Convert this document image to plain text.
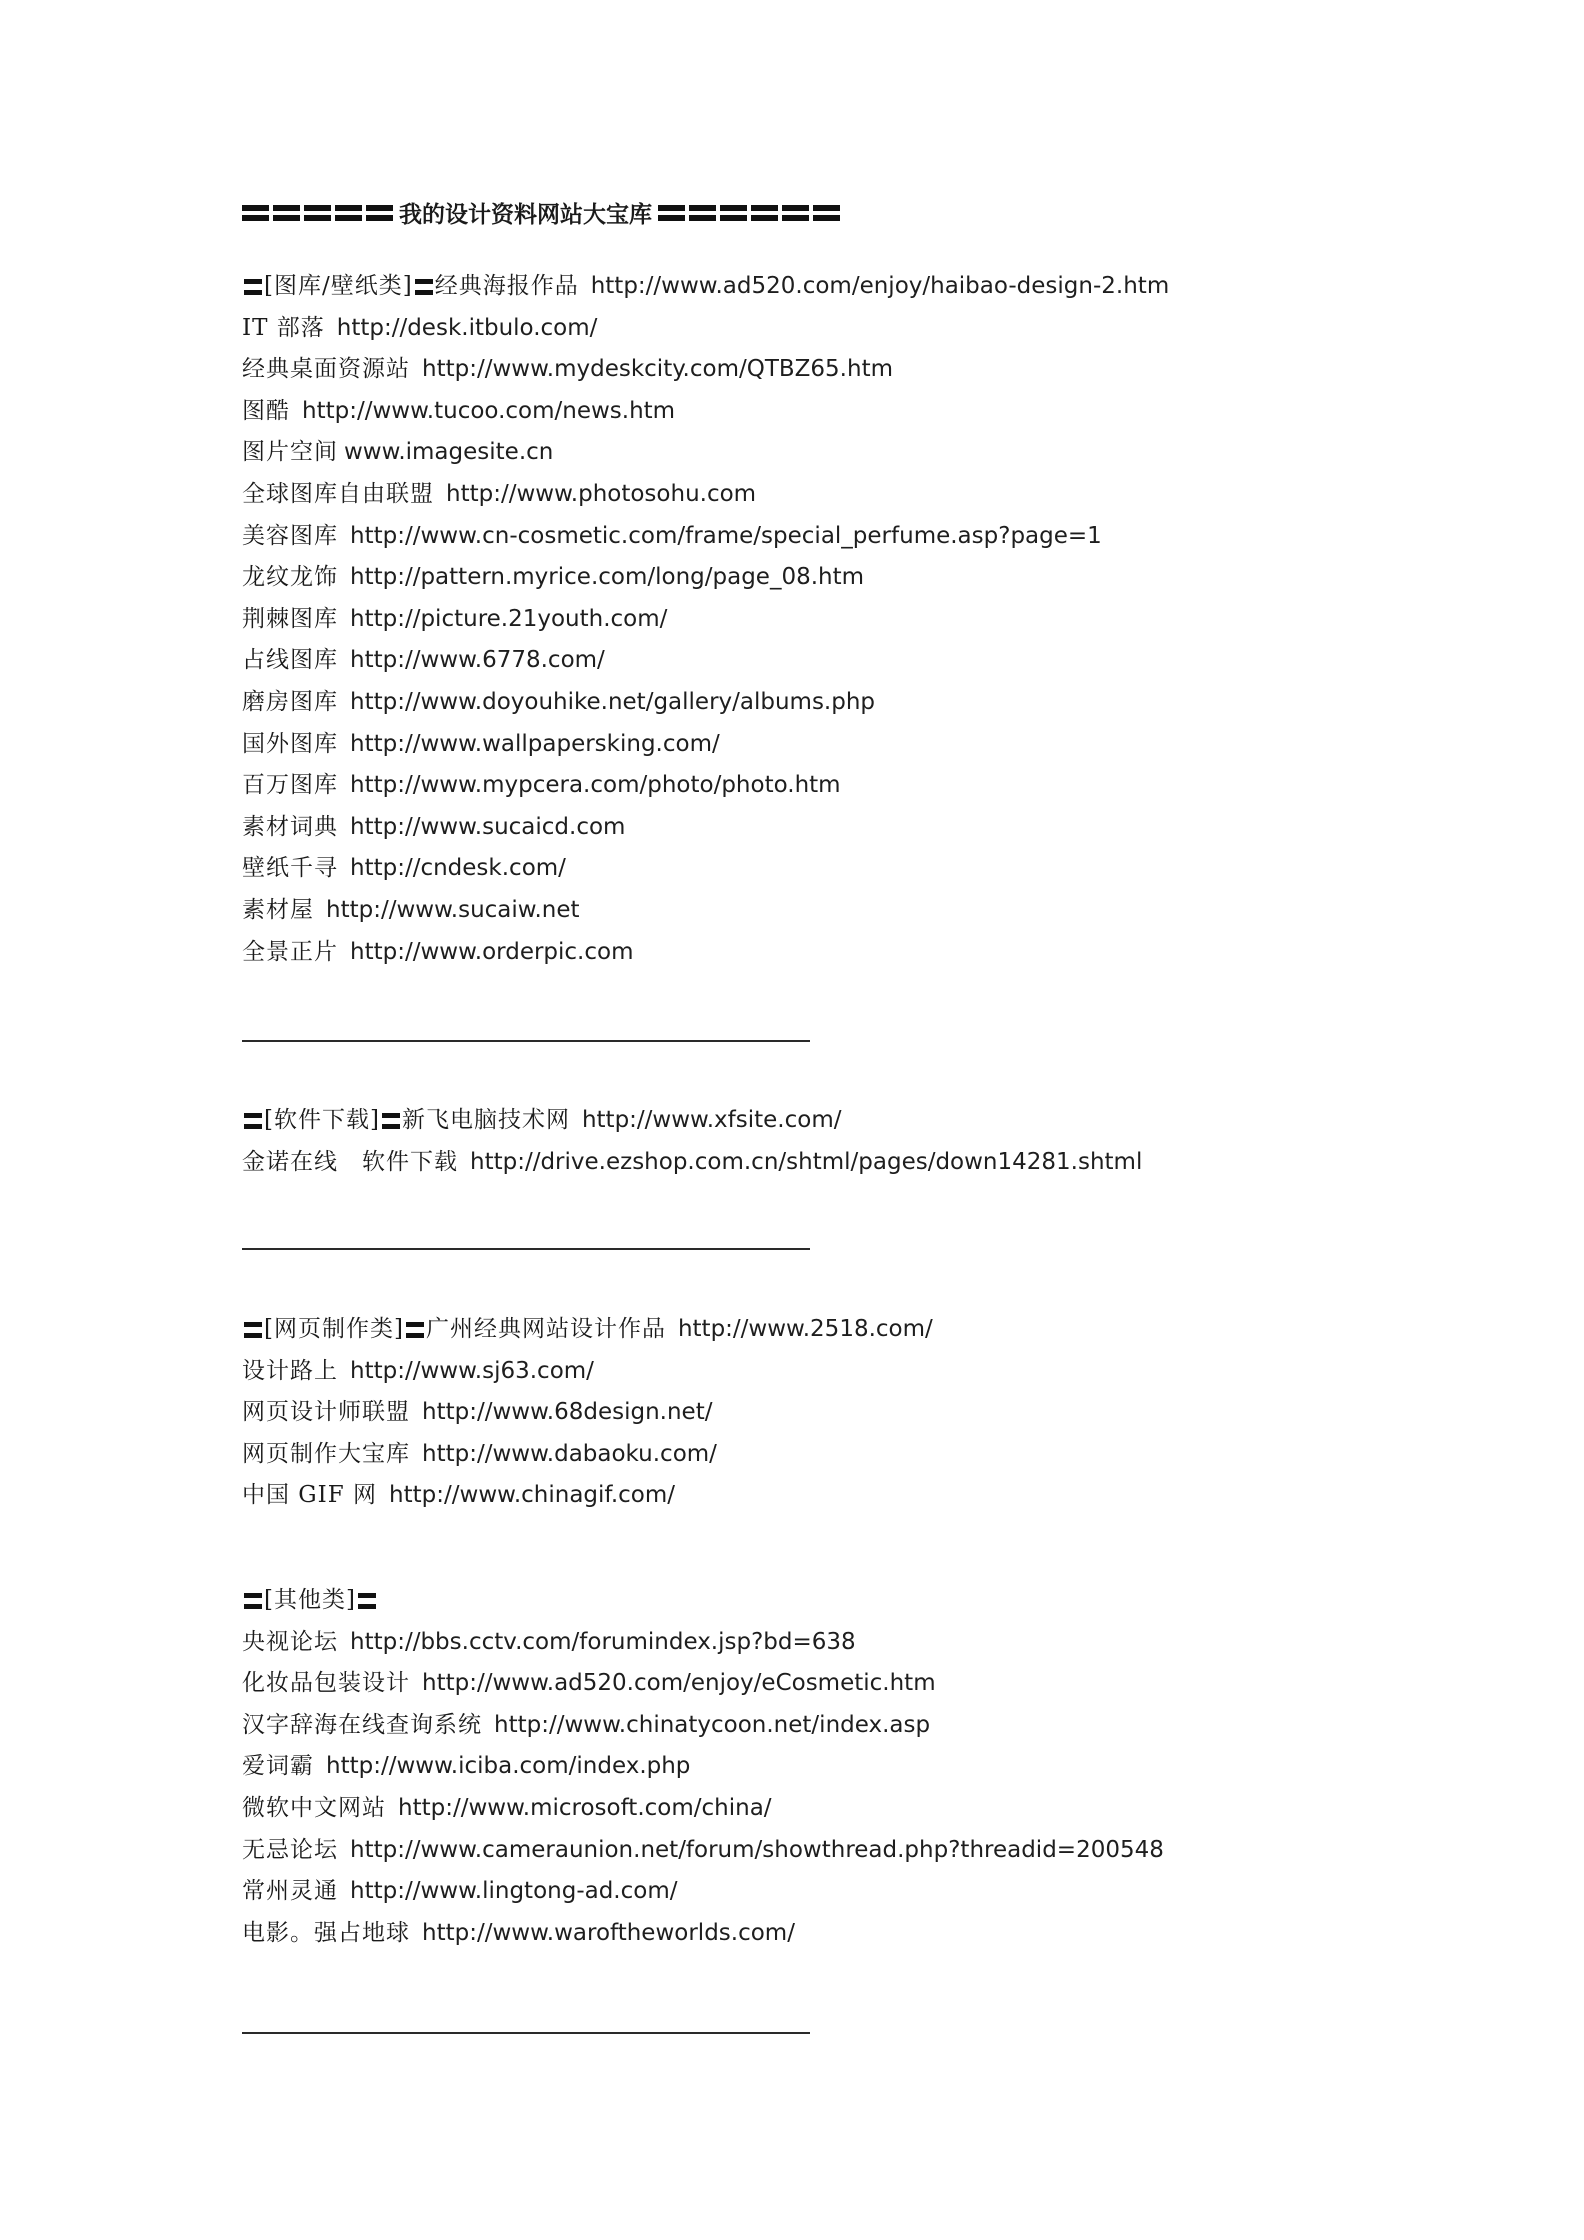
我的设计资料网站大宝库
[图库/壁纸类] 经典海报作品 http://www.ad520.com/enjoy/haibao-design-2.htm
IT 部落 http://desk.itbulo.com/
经典桌面资源站 http://www.mydeskcity.com/QTBZ65.htm
图酷 http://www.tucoo.com/news.htm
图片空间 www.imagesite.cn
全球图库自由联盟 http://www.photosohu.com
美容图库 http://www.cn-cosmetic.com/frame/special_perfume.asp?page=1
龙纹龙饰 http://pattern.myrice.com/long/page_08.htm
荆棘图库 http://picture.21youth.com/
占线图库 http://www.6778.com/
磨房图库 http://www.doyouhike.net/gallery/albums.php
国外图库 http://www.wallpapersking.com/
百万图库 http://www.mypcera.com/photo/photo.htm
素材词典 http://www.sucaicd.com
壁纸千寻 http://cndesk.com/
素材屋 http://www.sucaiw.net
全景正片 http://www.orderpic.com
[软件下载] 新飞电脑技术网 http://www.xfsite.com/
金诺在线　软件下载 http://drive.ezshop.com.cn/shtml/pages/down14281.shtml
[网页制作类] 广州经典网站设计作品 http://www.2518.com/
设计路上 http://www.sj63.com/
网页设计师联盟 http://www.68design.net/
网页制作大宝库 http://www.dabaoku.com/
中国 GIF 网 http://www.chinagif.com/
[其他类]
央视论坛 http://bbs.cctv.com/forumindex.jsp?bd=638
化妆品包装设计 http://www.ad520.com/enjoy/eCosmetic.htm
汉字辞海在线查询系统 http://www.chinatycoon.net/index.asp
爱词霸 http://www.iciba.com/index.php
微软中文网站 http://www.microsoft.com/china/
无忌论坛 http://www.cameraunion.net/forum/showthread.php?threadid=200548
常州灵通 http://www.lingtong-ad.com/
电影。强占地球 http://www.waroftheworlds.com/
